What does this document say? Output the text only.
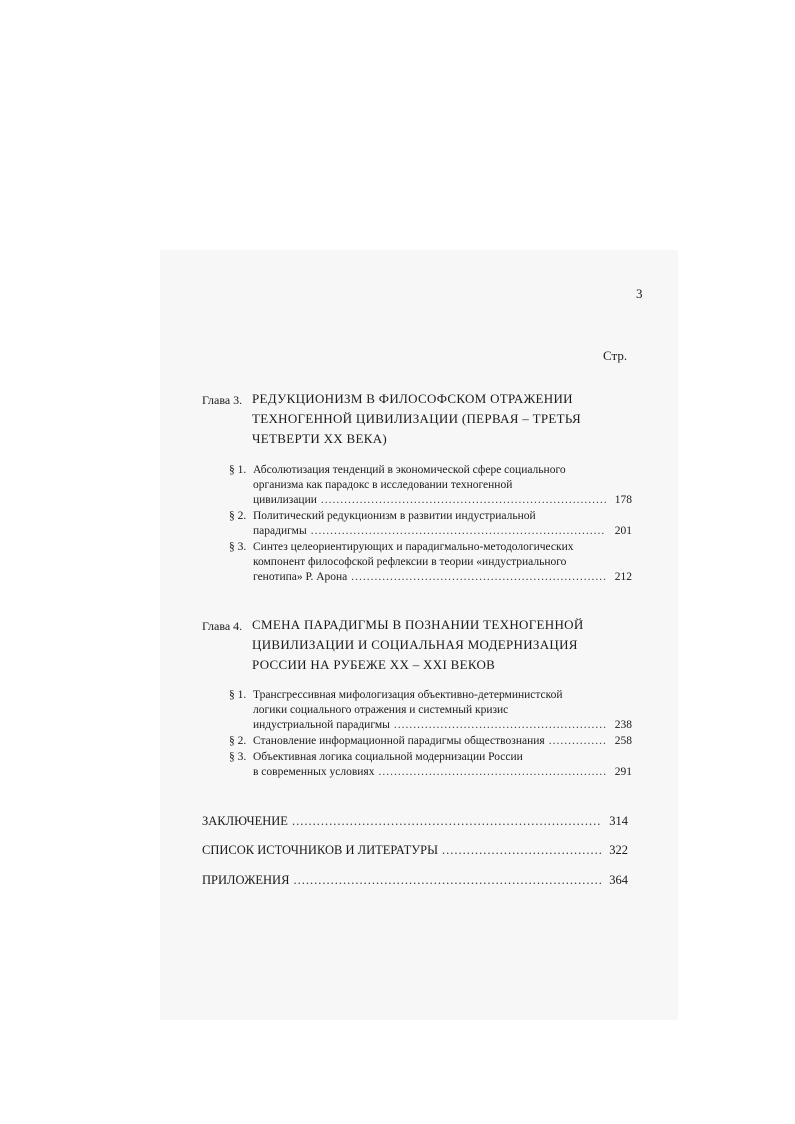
3
Стр.
Глава 3. РЕДУКЦИОНИЗМ В ФИЛОСОФСКОМ ОТРАЖЕНИИ
ТЕХНОГЕННОЙ ЦИВИЛИЗАЦИИ (ПЕРВАЯ – ТРЕТЬЯ
ЧЕТВЕРТИ XX ВЕКА)
§ 1. Абсолютизация тенденций в экономической сфере социального
организма как парадокс в исследовании техногенной
цивилизации .....	178
§ 2. Политический редукционизм в развитии индустриальной
парадигмы .....	201
§ 3. Синтез целеориентирующих и парадигмально-методологических
компонент философской рефлексии в теории «индустриального
генотипа» Р. Арона .....	212
Глава 4. СМЕНА ПАРАДИГМЫ В ПОЗНАНИИ ТЕХНОГЕННОЙ
ЦИВИЛИЗАЦИИ И СОЦИАЛЬНАЯ МОДЕРНИЗАЦИЯ
РОССИИ НА РУБЕЖЕ XX – XXI ВЕКОВ
§ 1. Трансгрессивная мифологизация объективно-детерминистской
логики социального отражения и системный кризис
индустриальной парадигмы .....	238
§ 2. Становление информационной парадигмы обществознания .....	258
§ 3. Объективная логика социальной модернизации России
в современных условиях .....	291
ЗАКЛЮЧЕНИЕ .....	314
СПИСОК ИСТОЧНИКОВ И ЛИТЕРАТУРЫ .....	322
ПРИЛОЖЕНИЯ .....	364
